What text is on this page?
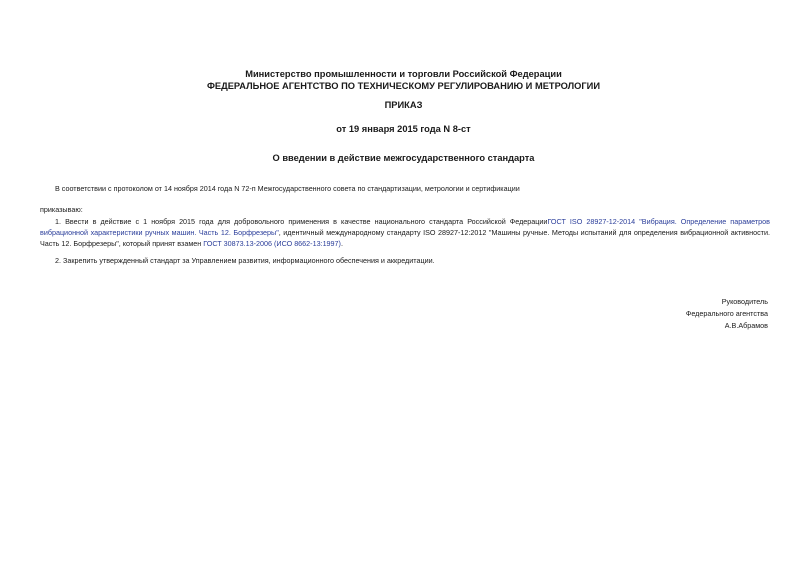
Министерство промышленности и торговли Российской Федерации
ФЕДЕРАЛЬНОЕ АГЕНТСТВО ПО ТЕХНИЧЕСКОМУ РЕГУЛИРОВАНИЮ И МЕТРОЛОГИИ
ПРИКАЗ
от 19 января 2015 года N 8-ст
О введении в действие межгосударственного стандарта
В соответствии с протоколом от 14 ноября 2014 года N 72-п Межгосударственного совета по стандартизации, метрологии и сертификации
приказываю:
1. Ввести в действие с 1 ноября 2015 года для добровольного применения в качестве национального стандарта Российской ФедерацииГОСТ ISO 28927-12-2014 "Вибрация. Определение параметров вибрационной характеристики ручных машин. Часть 12. Борфрезеры", идентичный международному стандарту ISO 28927-12:2012 "Машины ручные. Методы испытаний для определения вибрационной активности. Часть 12. Борфрезеры", который принят взамен ГОСТ 30873.13-2006 (ИСО 8662-13:1997).
2. Закрепить утвержденный стандарт за Управлением развития, информационного обеспечения и аккредитации.
Руководитель
Федерального агентства
А.В.Абрамов
